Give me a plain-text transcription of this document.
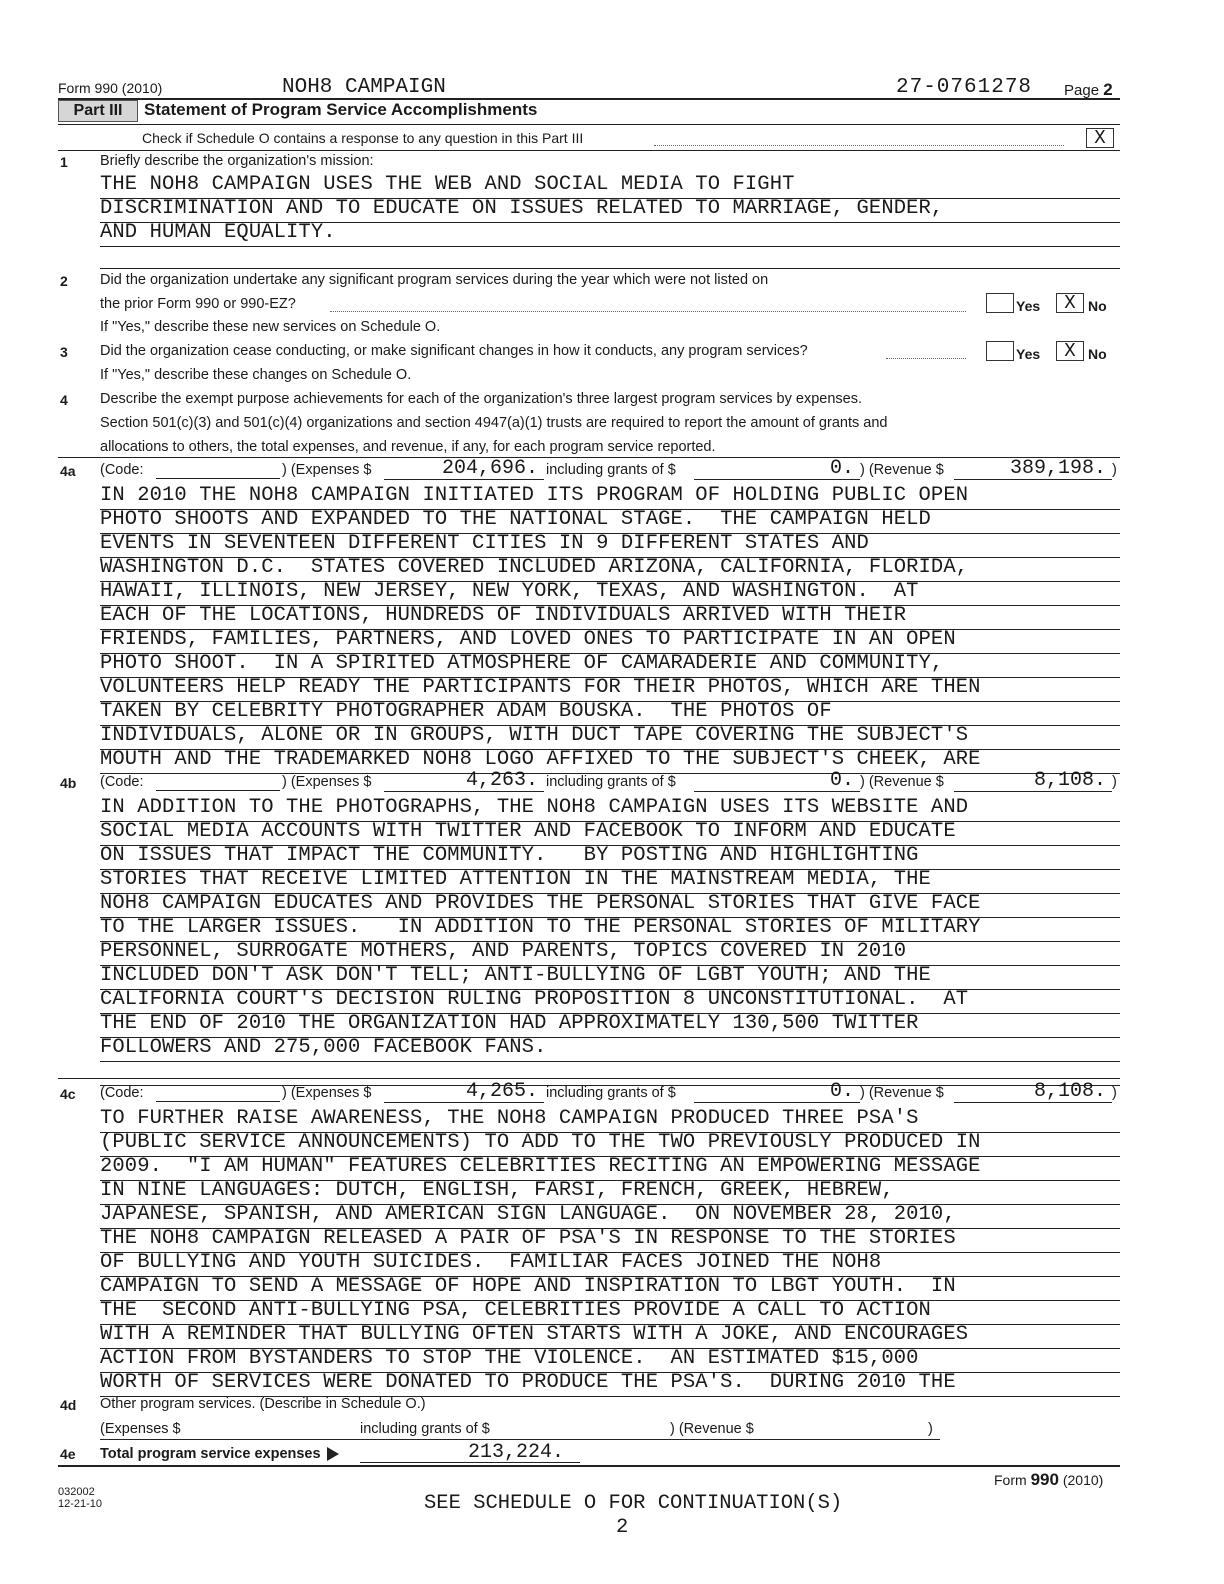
Form 990 (2010)	NOH8 CAMPAIGN	27-0761278 Page 2
Part III	Statement of Program Service Accomplishments
Check if Schedule O contains a response to any question in this Part III	X
1 Briefly describe the organization's mission:
THE NOH8 CAMPAIGN USES THE WEB AND SOCIAL MEDIA TO FIGHT
DISCRIMINATION AND TO EDUCATE ON ISSUES RELATED TO MARRIAGE, GENDER,
AND HUMAN EQUALITY.
2 Did the organization undertake any significant program services during the year which were not listed on
the prior Form 990 or 990-EZ?	Yes	X No
If "Yes," describe these new services on Schedule O.
3 Did the organization cease conducting, or make significant changes in how it conducts, any program services?	Yes	X No
If "Yes," describe these changes on Schedule O.
4 Describe the exempt purpose achievements for each of the organization's three largest program services by expenses.
Section 501(c)(3) and 501(c)(4) organizations and section 4947(a)(1) trusts are required to report the amount of grants and
allocations to others, the total expenses, and revenue, if any, for each program service reported.
4a (Code:	) (Expenses $	204,696. including grants of $	0. ) (Revenue $	389,198. )
IN 2010 THE NOH8 CAMPAIGN INITIATED ITS PROGRAM OF HOLDING PUBLIC OPEN
PHOTO SHOOTS AND EXPANDED TO THE NATIONAL STAGE.  THE CAMPAIGN HELD
EVENTS IN SEVENTEEN DIFFERENT CITIES IN 9 DIFFERENT STATES AND
WASHINGTON D.C.  STATES COVERED INCLUDED ARIZONA, CALIFORNIA, FLORIDA,
HAWAII, ILLINOIS, NEW JERSEY, NEW YORK, TEXAS, AND WASHINGTON.  AT
EACH OF THE LOCATIONS, HUNDREDS OF INDIVIDUALS ARRIVED WITH THEIR
FRIENDS, FAMILIES, PARTNERS, AND LOVED ONES TO PARTICIPATE IN AN OPEN
PHOTO SHOOT.  IN A SPIRITED ATMOSPHERE OF CAMARADERIE AND COMMUNITY,
VOLUNTEERS HELP READY THE PARTICIPANTS FOR THEIR PHOTOS, WHICH ARE THEN
TAKEN BY CELEBRITY PHOTOGRAPHER ADAM BOUSKA.  THE PHOTOS OF
INDIVIDUALS, ALONE OR IN GROUPS, WITH DUCT TAPE COVERING THE SUBJECT'S
MOUTH AND THE TRADEMARKED NOH8 LOGO AFFIXED TO THE SUBJECT'S CHEEK, ARE
4b (Code:	) (Expenses $	4,263. including grants of $	0. ) (Revenue $	8,108. )
IN ADDITION TO THE PHOTOGRAPHS, THE NOH8 CAMPAIGN USES ITS WEBSITE AND
SOCIAL MEDIA ACCOUNTS WITH TWITTER AND FACEBOOK TO INFORM AND EDUCATE
ON ISSUES THAT IMPACT THE COMMUNITY.   BY POSTING AND HIGHLIGHTING
STORIES THAT RECEIVE LIMITED ATTENTION IN THE MAINSTREAM MEDIA, THE
NOH8 CAMPAIGN EDUCATES AND PROVIDES THE PERSONAL STORIES THAT GIVE FACE
TO THE LARGER ISSUES.   IN ADDITION TO THE PERSONAL STORIES OF MILITARY
PERSONNEL, SURROGATE MOTHERS, AND PARENTS, TOPICS COVERED IN 2010
INCLUDED DON'T ASK DON'T TELL; ANTI-BULLYING OF LGBT YOUTH; AND THE
CALIFORNIA COURT'S DECISION RULING PROPOSITION 8 UNCONSTITUTIONAL.  AT
THE END OF 2010 THE ORGANIZATION HAD APPROXIMATELY 130,500 TWITTER
FOLLOWERS AND 275,000 FACEBOOK FANS.
4c (Code:	) (Expenses $	4,265. including grants of $	0. ) (Revenue $	8,108. )
TO FURTHER RAISE AWARENESS, THE NOH8 CAMPAIGN PRODUCED THREE PSA'S
(PUBLIC SERVICE ANNOUNCEMENTS) TO ADD TO THE TWO PREVIOUSLY PRODUCED IN
2009.  "I AM HUMAN" FEATURES CELEBRITIES RECITING AN EMPOWERING MESSAGE
IN NINE LANGUAGES: DUTCH, ENGLISH, FARSI, FRENCH, GREEK, HEBREW,
JAPANESE, SPANISH, AND AMERICAN SIGN LANGUAGE.  ON NOVEMBER 28, 2010,
THE NOH8 CAMPAIGN RELEASED A PAIR OF PSA'S IN RESPONSE TO THE STORIES
OF BULLYING AND YOUTH SUICIDES.  FAMILIAR FACES JOINED THE NOH8
CAMPAIGN TO SEND A MESSAGE OF HOPE AND INSPIRATION TO LBGT YOUTH.  IN
THE  SECOND ANTI-BULLYING PSA, CELEBRITIES PROVIDE A CALL TO ACTION
WITH A REMINDER THAT BULLYING OFTEN STARTS WITH A JOKE, AND ENCOURAGES
ACTION FROM BYSTANDERS TO STOP THE VIOLENCE.  AN ESTIMATED $15,000
WORTH OF SERVICES WERE DONATED TO PRODUCE THE PSA'S.  DURING 2010 THE
4d Other program services. (Describe in Schedule O.)
(Expenses $	including grants of $	) (Revenue $	)
4e Total program service expenses	213,224.
032002
12-21-10
Form 990 (2010)
SEE SCHEDULE O FOR CONTINUATION(S)
2
